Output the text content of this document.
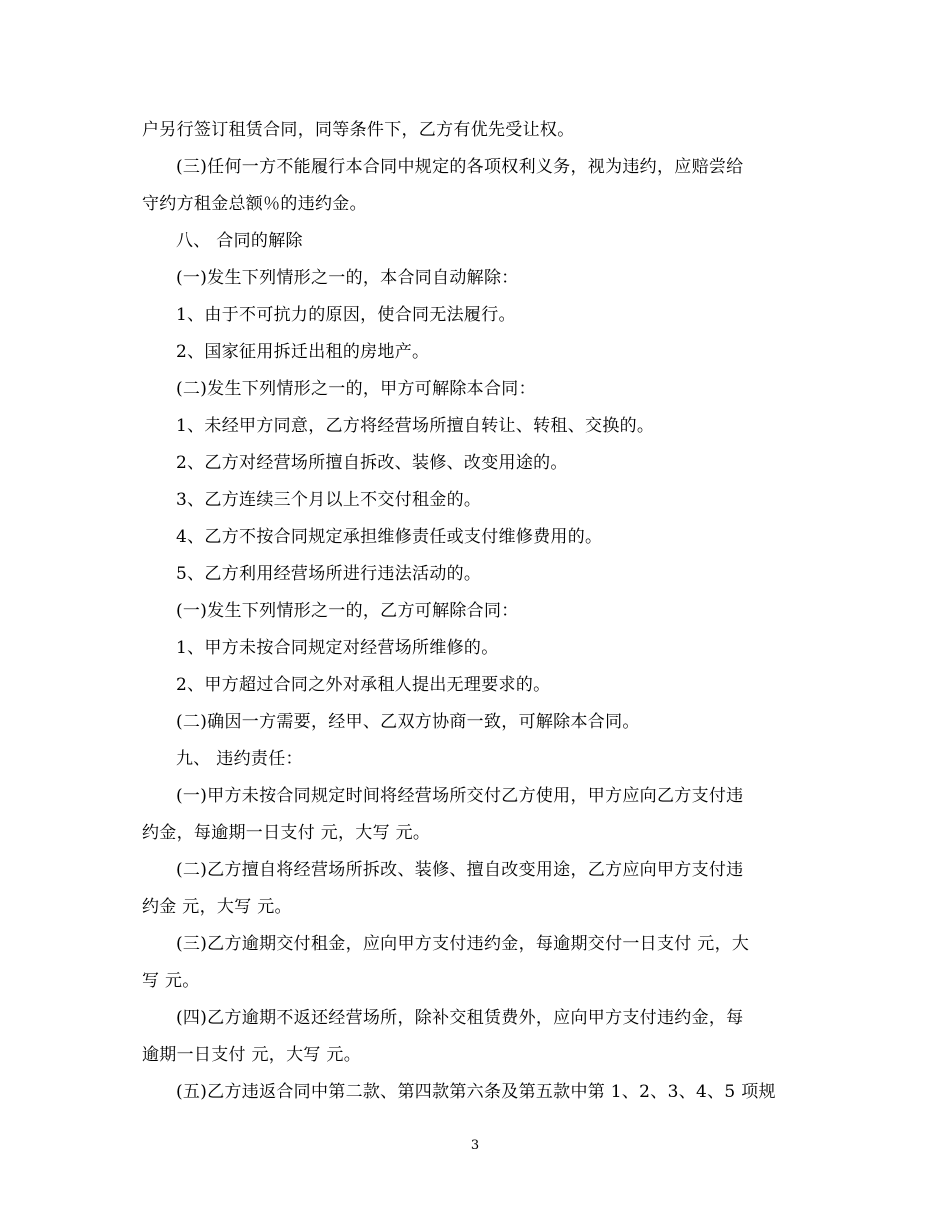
户另行签订租赁合同，同等条件下，乙方有优先受让权。
(三)任何一方不能履行本合同中规定的各项权利义务，视为违约，应赔尝给
守约方租金总额％的违约金。
八、 合同的解除
(一)发生下列情形之一的，本合同自动解除：
1、由于不可抗力的原因，使合同无法履行。
2、国家征用拆迁出租的房地产。
(二)发生下列情形之一的，甲方可解除本合同：
1、未经甲方同意，乙方将经营场所擅自转让、转租、交换的。
2、乙方对经营场所擅自拆改、装修、改变用途的。
3、乙方连续三个月以上不交付租金的。
4、乙方不按合同规定承担维修责任或支付维修费用的。
5、乙方利用经营场所进行违法活动的。
(一)发生下列情形之一的，乙方可解除合同：
1、甲方未按合同规定对经营场所维修的。
2、甲方超过合同之外对承租人提出无理要求的。
(二)确因一方需要，经甲、乙双方协商一致，可解除本合同。
九、 违约责任：
(一)甲方未按合同规定时间将经营场所交付乙方使用，甲方应向乙方支付违
约金，每逾期一日支付 元，大写 元。
(二)乙方擅自将经营场所拆改、装修、擅自改变用途，乙方应向甲方支付违
约金 元，大写 元。
(三)乙方逾期交付租金，应向甲方支付违约金，每逾期交付一日支付 元，大
写 元。
(四)乙方逾期不返还经营场所，除补交租赁费外，应向甲方支付违约金，每
逾期一日支付 元，大写 元。
(五)乙方违返合同中第二款、第四款第六条及第五款中第 1、2、3、4、5 项规
3
